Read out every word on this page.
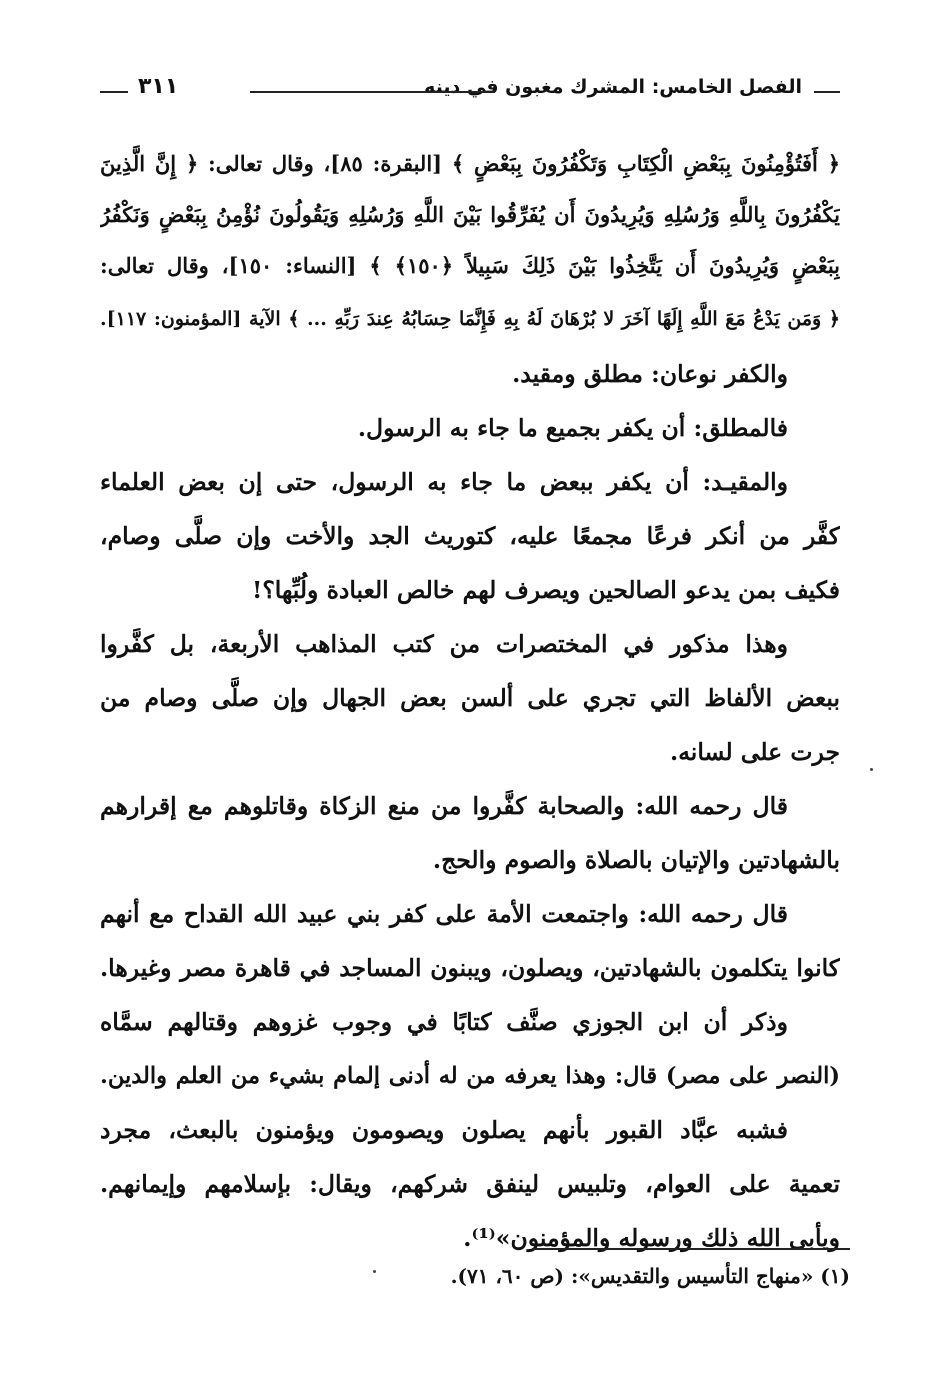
الفصل الخامس: المشرك مغبون في دينه
٣١١
﴿ أَفَتُؤْمِنُونَ بِبَعْضِ الْكِتَابِ وَتَكْفُرُونَ بِبَعْضٍ ﴾ [البقرة: ٨٥]، وقال تعالى: ﴿ إِنَّ الَّذِينَ
يَكْفُرُونَ بِاللَّهِ وَرُسُلِهِ وَيُرِيدُونَ أَن يُفَرِّقُوا بَيْنَ اللَّهِ وَرُسُلِهِ وَيَقُولُونَ نُؤْمِنُ بِبَعْضٍ وَنَكْفُرُ
بِبَعْضٍ وَيُرِيدُونَ أَن يَتَّخِذُوا بَيْنَ ذَلِكَ سَبِيلاً ﴿١٥٠﴾ ﴾ [النساء: ١٥٠]، وقال تعالى:
﴿ وَمَن يَدْعُ مَعَ اللَّهِ إِلَهًا آخَرَ لا بُرْهَانَ لَهُ بِهِ فَإِنَّمَا حِسَابُهُ عِندَ رَبِّهِ ... ﴾ الآية [المؤمنون: ١١٧].
والكفر نوعان: مطلق ومقيد.
فالمطلق: أن يكفر بجميع ما جاء به الرسول.
والمقيـد: أن يكفر ببعض ما جاء به الرسول، حتى إن بعض العلماء
كفَّر من أنكر فرعًا مجمعًا عليه، كتوريث الجد والأخت وإن صلَّى وصام،
فكيف بمن يدعو الصالحين ويصرف لهم خالص العبادة ولُبِّها؟!
وهذا مذكور في المختصرات من كتب المذاهب الأربعة، بل كفَّروا
ببعض الألفاظ التي تجري على ألسن بعض الجهال وإن صلَّى وصام من
جرت على لسانه.
قال رحمه الله: والصحابة كفَّروا من منع الزكاة وقاتلوهم مع إقرارهم
بالشهادتين والإتيان بالصلاة والصوم والحج.
قال رحمه الله: واجتمعت الأمة على كفر بني عبيد الله القداح مع أنهم
كانوا يتكلمون بالشهادتين، ويصلون، ويبنون المساجد في قاهرة مصر وغيرها.
وذكر أن ابن الجوزي صنَّف كتابًا في وجوب غزوهم وقتالهم سمَّاه
(النصر على مصر) قال: وهذا يعرفه من له أدنى إلمام بشيء من العلم والدين.
فشبه عبَّاد القبور بأنهم يصلون ويصومون ويؤمنون بالبعث، مجرد
تعمية على العوام، وتلبيس لينفق شركهم، ويقال: بإسلامهم وإيمانهم.
ويأبى الله ذلك ورسوله والمؤمنون»⁽¹⁾.
(١) «منهاج التأسيس والتقديس»: (ص ٦٠، ٧١).
